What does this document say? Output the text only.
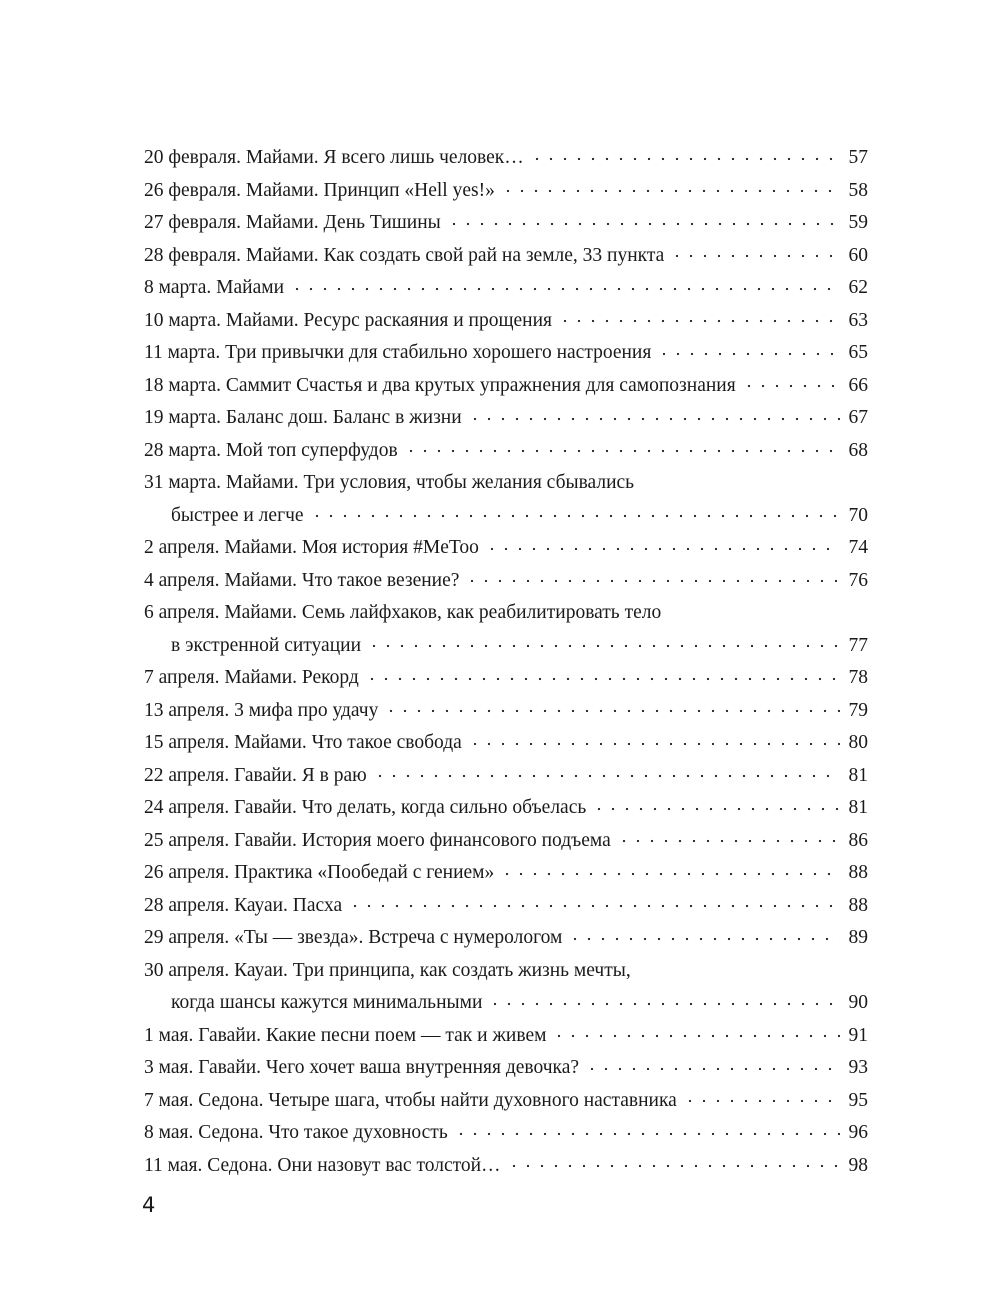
20 февраля. Майами. Я всего лишь человек…	57
26 февраля. Майами. Принцип «Hell yes!»	58
27 февраля. Майами. День Тишины	59
28 февраля. Майами. Как создать свой рай на земле, 33 пункта	60
8 марта. Майами	62
10 марта. Майами. Ресурс раскаяния и прощения	63
11 марта. Три привычки для стабильно хорошего настроения	65
18 марта. Саммит Счастья и два крутых упражнения для самопознания	66
19 марта. Баланс дош. Баланс в жизни	67
28 марта. Мой топ суперфудов	68
31 марта. Майами. Три условия, чтобы желания сбывались
быстрее и легче	70
2 апреля. Майами. Моя история #MeToo	74
4 апреля. Майами. Что такое везение?	76
6 апреля. Майами. Семь лайфхаков, как реабилитировать тело
в экстренной ситуации	77
7 апреля. Майами. Рекорд	78
13 апреля. 3 мифа про удачу	79
15 апреля. Майами. Что такое свобода	80
22 апреля. Гавайи. Я в раю	81
24 апреля. Гавайи. Что делать, когда сильно объелась	81
25 апреля. Гавайи. История моего финансового подъема	86
26 апреля. Практика «Пообедай с гением»	88
28 апреля. Кауаи. Пасха	88
29 апреля. «Ты — звезда». Встреча с нумерологом	89
30 апреля. Кауаи. Три принципа, как создать жизнь мечты,
когда шансы кажутся минимальными	90
1 мая. Гавайи. Какие песни поем — так и живем	91
3 мая. Гавайи. Чего хочет ваша внутренняя девочка?	93
7 мая. Седона. Четыре шага, чтобы найти духовного наставника	95
8 мая. Седона. Что такое духовность	96
11 мая. Седона. Они назовут вас толстой…	98
4
